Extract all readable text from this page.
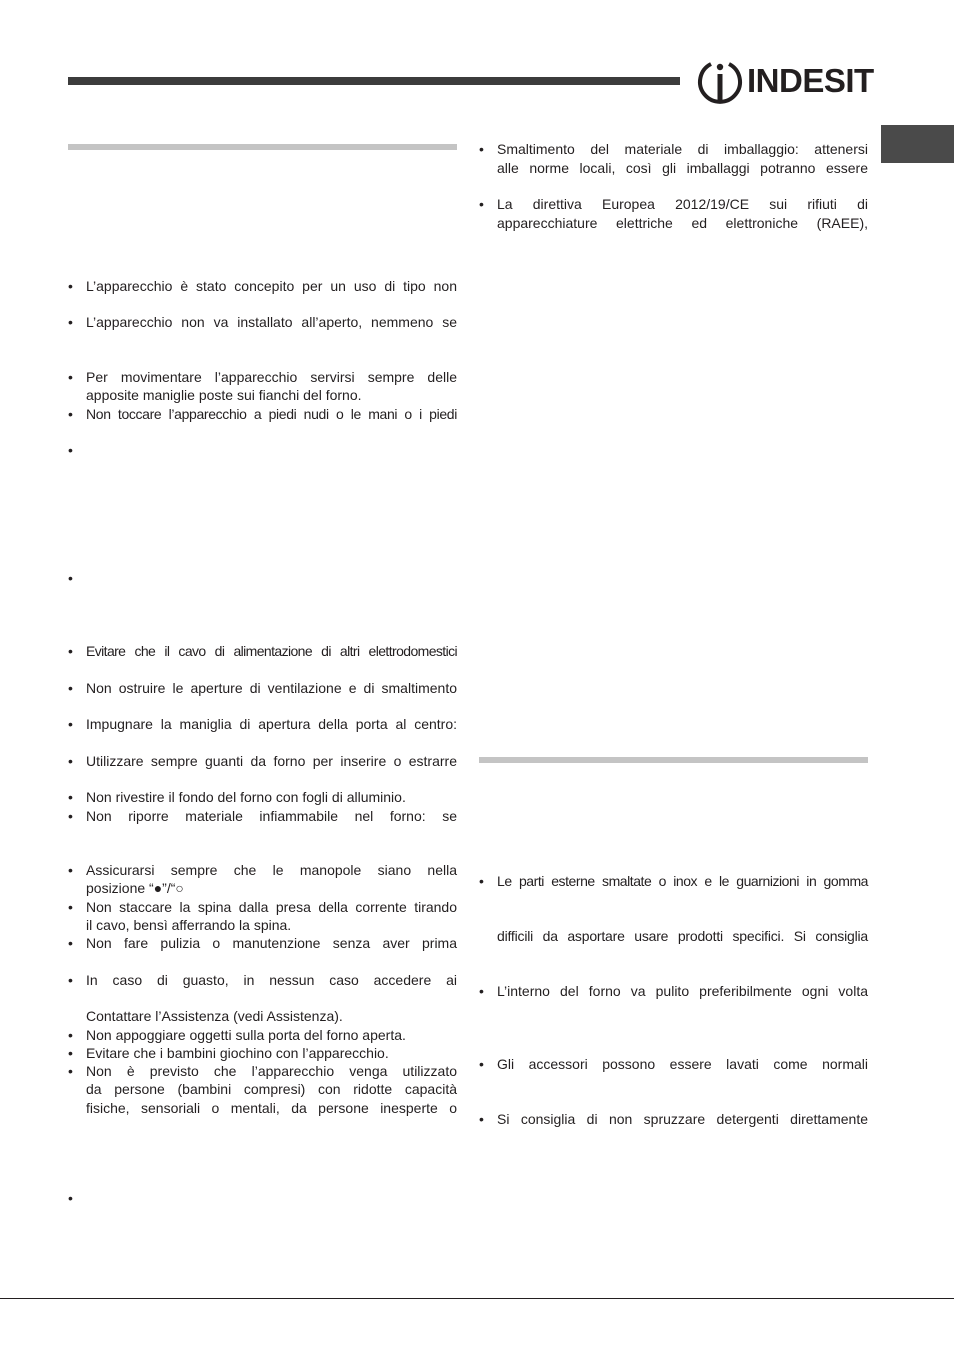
INDESIT
• L’apparecchio è stato concepito per un uso di tipo non
• L’apparecchio non va installato all’aperto, nemmeno se
• Per movimentare l’apparecchio servirsi sempre delle
apposite maniglie poste sui fianchi del forno.
• Non toccare l’apparecchio a piedi nudi o le mani o i piedi
•
•
• Evitare che il cavo di alimentazione di altri elettrodomestici
• Non ostruire le aperture di ventilazione e di smaltimento
• Impugnare la maniglia di apertura della porta al centro:
• Utilizzare sempre guanti da forno per inserire o estrarre
• Non rivestire il fondo del forno con fogli di alluminio.
• Non riporre materiale infiammabile nel forno: se
• Assicurarsi sempre che le manopole siano nella
posizione “●”/“○
• Non staccare la spina dalla presa della corrente tirando
il cavo, bensì afferrando la spina.
• Non fare pulizia o manutenzione senza aver prima
• In caso di guasto, in nessun caso accedere ai
Contattare l’Assistenza (vedi Assistenza).
• Non appoggiare oggetti sulla porta del forno aperta.
• Evitare che i bambini giochino con l’apparecchio.
• Non è previsto che l’apparecchio venga utilizzato
da persone (bambini compresi) con ridotte capacità
fisiche, sensoriali o mentali, da persone inesperte o
•
• Smaltimento del materiale di imballaggio: attenersi
alle norme locali, così gli imballaggi potranno essere
• La direttiva Europea 2012/19/CE sui rifiuti di
apparecchiature elettriche ed elettroniche (RAEE),
• Le parti esterne smaltate o inox e le guarnizioni in gomma
difficili da asportare usare prodotti specifici. Si consiglia
• L’interno del forno va pulito preferibilmente ogni volta
• Gli accessori possono essere lavati come normali
• Si consiglia di non spruzzare detergenti direttamente
